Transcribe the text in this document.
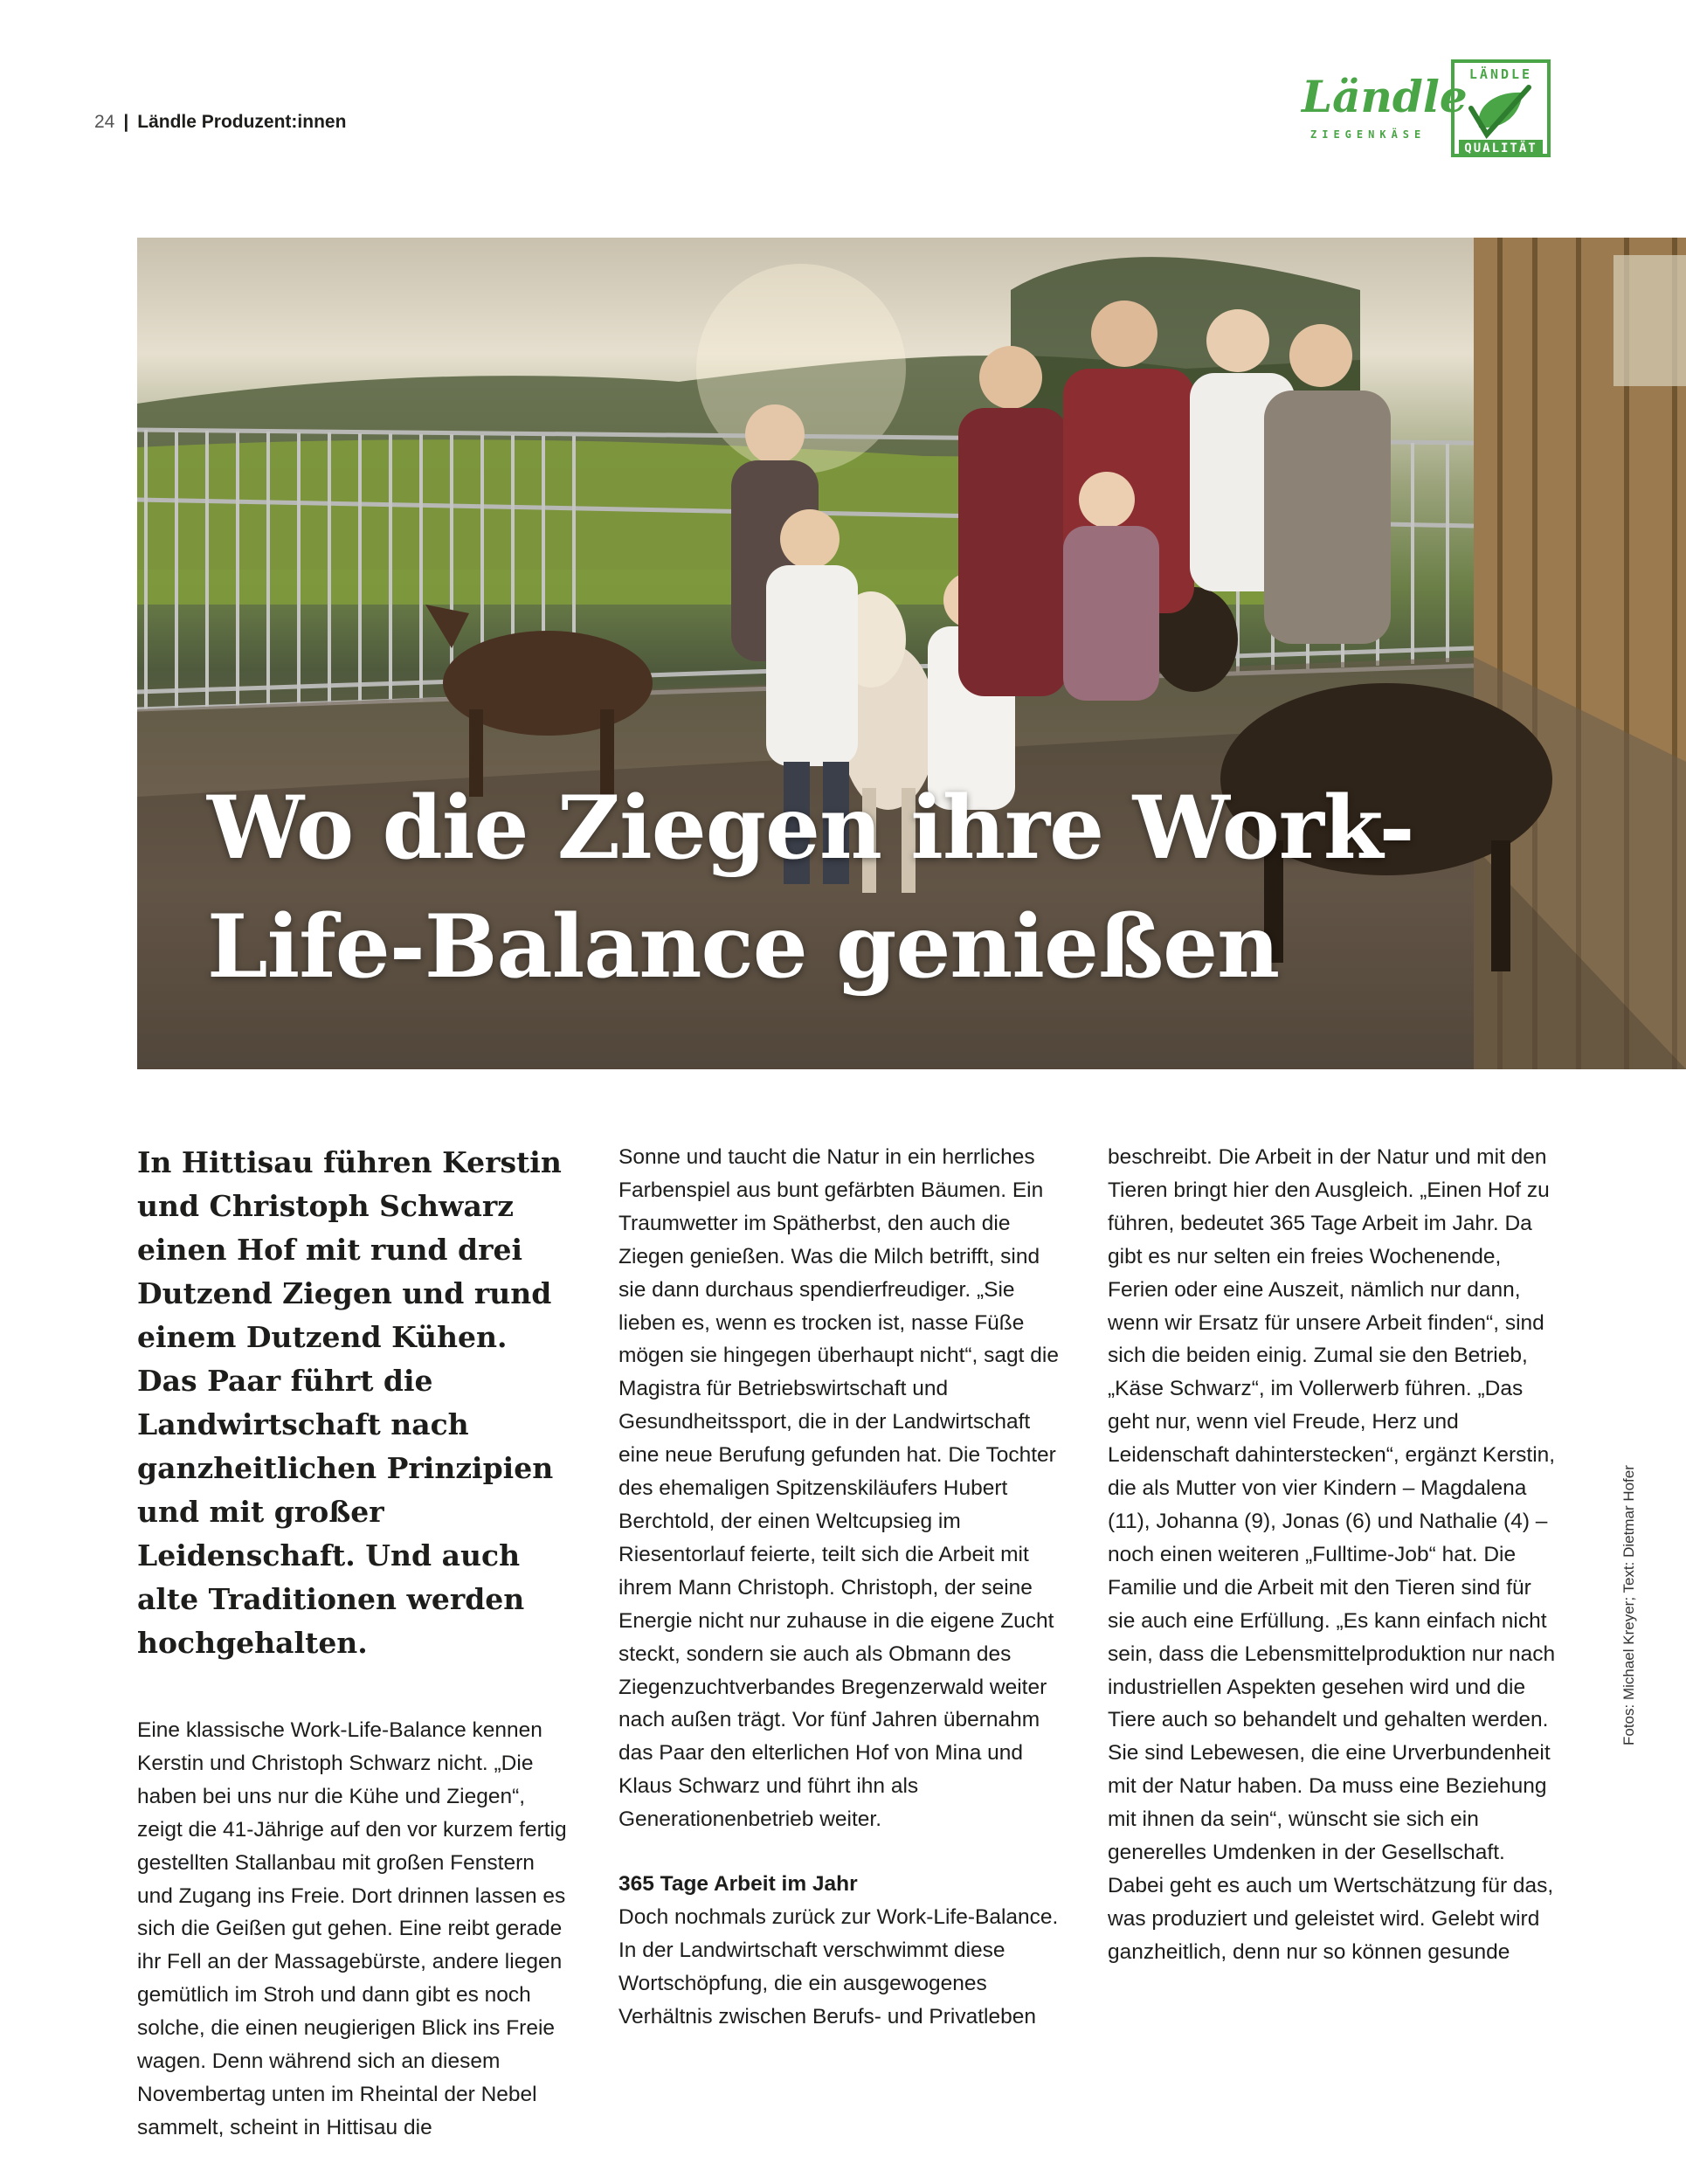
24 | Ländle Produzent:innen	Ländle
ZIEGENKÄSE
LÄNDLE
QUALITÄT
Wo die Ziegen ihre Work-
Life-Balance genießen

In Hittisau führen Kerstin und Christoph Schwarz einen Hof mit rund drei Dutzend Ziegen und rund einem Dutzend Kühen. Das Paar führt die Landwirtschaft nach ganzheitlichen Prinzipien und mit großer Leidenschaft. Und auch alte Traditionen werden hochgehalten.

Eine klassische Work-Life-Balance kennen Kerstin und Christoph Schwarz nicht. „Die haben bei uns nur die Kühe und Ziegen“, zeigt die 41-Jährige auf den vor kurzem fertig gestellten Stallanbau mit großen Fenstern und Zugang ins Freie. Dort drinnen lassen es sich die Geißen gut gehen. Eine reibt gerade ihr Fell an der Massagebürste, andere liegen gemütlich im Stroh und dann gibt es noch solche, die einen neugierigen Blick ins Freie wagen. Denn während sich an diesem Novembertag unten im Rheintal der Nebel sammelt, scheint in Hittisau die

Sonne und taucht die Natur in ein herrliches Farbenspiel aus bunt gefärbten Bäumen. Ein Traumwetter im Spätherbst, den auch die Ziegen genießen. Was die Milch betrifft, sind sie dann durchaus spendierfreudiger. „Sie lieben es, wenn es trocken ist, nasse Füße mögen sie hingegen überhaupt nicht“, sagt die Magistra für Betriebswirtschaft und Gesundheitssport, die in der Landwirtschaft eine neue Berufung gefunden hat. Die Tochter des ehemaligen Spitzenskiläufers Hubert Berchtold, der einen Weltcupsieg im Riesentorlauf feierte, teilt sich die Arbeit mit ihrem Mann Christoph. Christoph, der seine Energie nicht nur zuhause in die eigene Zucht steckt, sondern sie auch als Obmann des Ziegenzuchtverbandes Bregenzerwald weiter nach außen trägt. Vor fünf Jahren übernahm das Paar den elterlichen Hof von Mina und Klaus Schwarz und führt ihn als Generationenbetrieb weiter.

365 Tage Arbeit im Jahr

Doch nochmals zurück zur Work-Life-Balance. In der Landwirtschaft verschwimmt diese Wortschöpfung, die ein ausgewogenes Verhältnis zwischen Berufs- und Privatleben

beschreibt. Die Arbeit in der Natur und mit den Tieren bringt hier den Ausgleich. „Einen Hof zu führen, bedeutet 365 Tage Arbeit im Jahr. Da gibt es nur selten ein freies Wochenende, Ferien oder eine Auszeit, nämlich nur dann, wenn wir Ersatz für unsere Arbeit finden“, sind sich die beiden einig. Zumal sie den Betrieb, „Käse Schwarz“, im Vollerwerb führen. „Das geht nur, wenn viel Freude, Herz und Leidenschaft dahinterstecken“, ergänzt Kerstin, die als Mutter von vier Kindern – Magdalena (11), Johanna (9), Jonas (6) und Nathalie (4) – noch einen weiteren „Fulltime-Job“ hat. Die Familie und die Arbeit mit den Tieren sind für sie auch eine Erfüllung. „Es kann einfach nicht sein, dass die Lebensmittelproduktion nur nach industriellen Aspekten gesehen wird und die Tiere auch so behandelt und gehalten werden. Sie sind Lebewesen, die eine Urverbundenheit mit der Natur haben. Da muss eine Beziehung mit ihnen da sein“, wünscht sie sich ein generelles Umdenken in der Gesellschaft. Dabei geht es auch um Wertschätzung für das, was produziert und geleistet wird. Gelebt wird ganzheitlich, denn nur so können gesunde

Fotos: Michael Kreyer; Text: Dietmar Hofer
